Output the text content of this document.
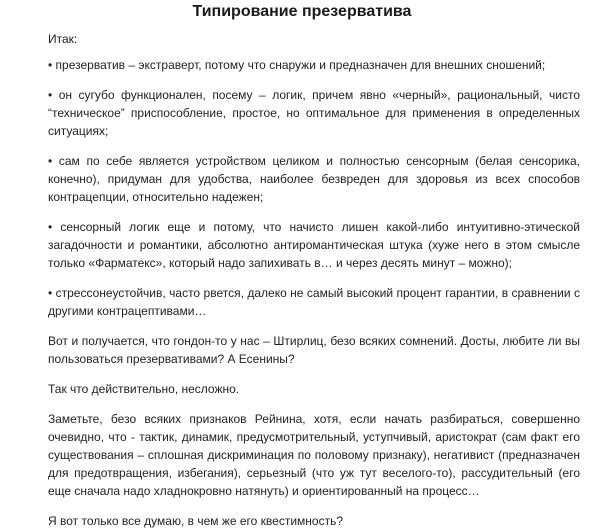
Типирование презерватива

Итак:

• презерватив – экстраверт, потому что снаружи и предназначен для внешних сношений;

• он сугубо функционален, посему – логик, причем явно «черный», рациональный, чисто “техническое” приспособление, простое, но оптимальное для применения в определенных ситуациях;

• сам по себе является устройством целиком и полностью сенсорным (белая сенсорика, конечно), придуман для удобства, наиболее безвреден для здоровья из всех способов контрацепции, относительно надежен;

• сенсорный логик еще и потому, что начисто лишен какой-либо интуитивно-этической загадочности и романтики, абсолютно антиромантическая штука (хуже него в этом смысле только «Фарматекс», который надо запихивать в… и через десять минут – можно);

• стрессонеустойчив, часто рвется, далеко не самый высокий процент гарантии, в сравнении с другими контрацептивами…

Вот и получается, что гондон-то у нас – Штирлиц, безо всяких сомнений. Досты, любите ли вы пользоваться презервативами? А Есенины?

Так что действительно, несложно.

Заметьте, безо всяких признаков Рейнина, хотя, если начать разбираться, совершенно очевидно, что - тактик, динамик, предусмотрительный, уступчивый, аристократ (сам факт его существования – сплошная дискриминация по половому признаку), негативист (предназначен для предотвращения, избегания), серьезный (что уж тут веселого-то), рассудительный (его еще сначала надо хладнокровно натянуть) и ориентированный на процесс…

Я вот только все думаю, в чем же его квестимность?
